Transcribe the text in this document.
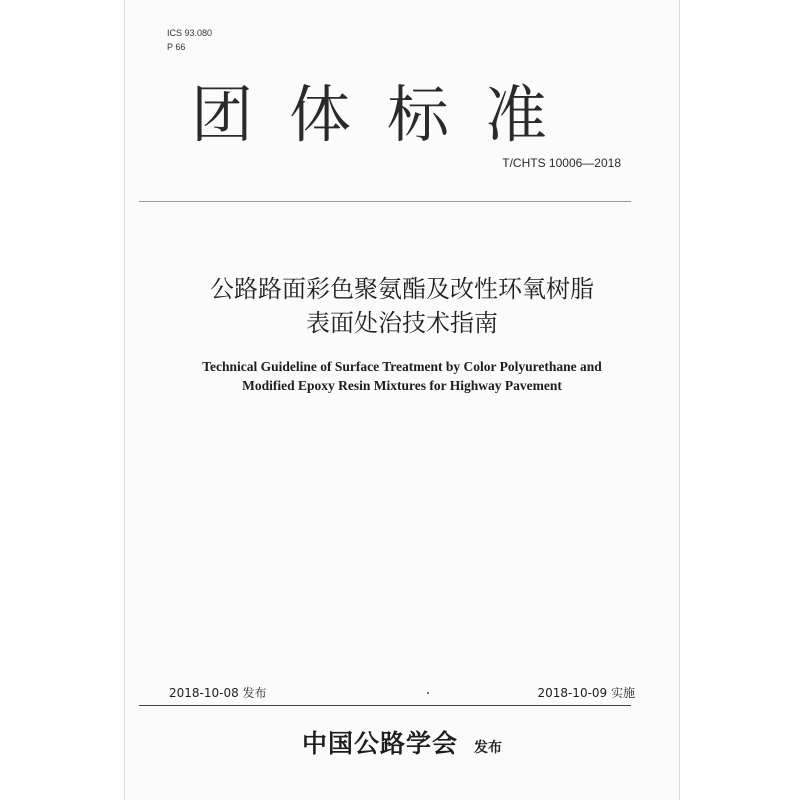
ICS 93.080
P 66
团体标准
T/CHTS 10006—2018
公路路面彩色聚氨酯及改性环氧树脂
表面处治技术指南
Technical Guideline of Surface Treatment by Color Polyurethane and
Modified Epoxy Resin Mixtures for Highway Pavement
2018-10-08 发布	2018-10-09 实施
中国公路学会 发布
